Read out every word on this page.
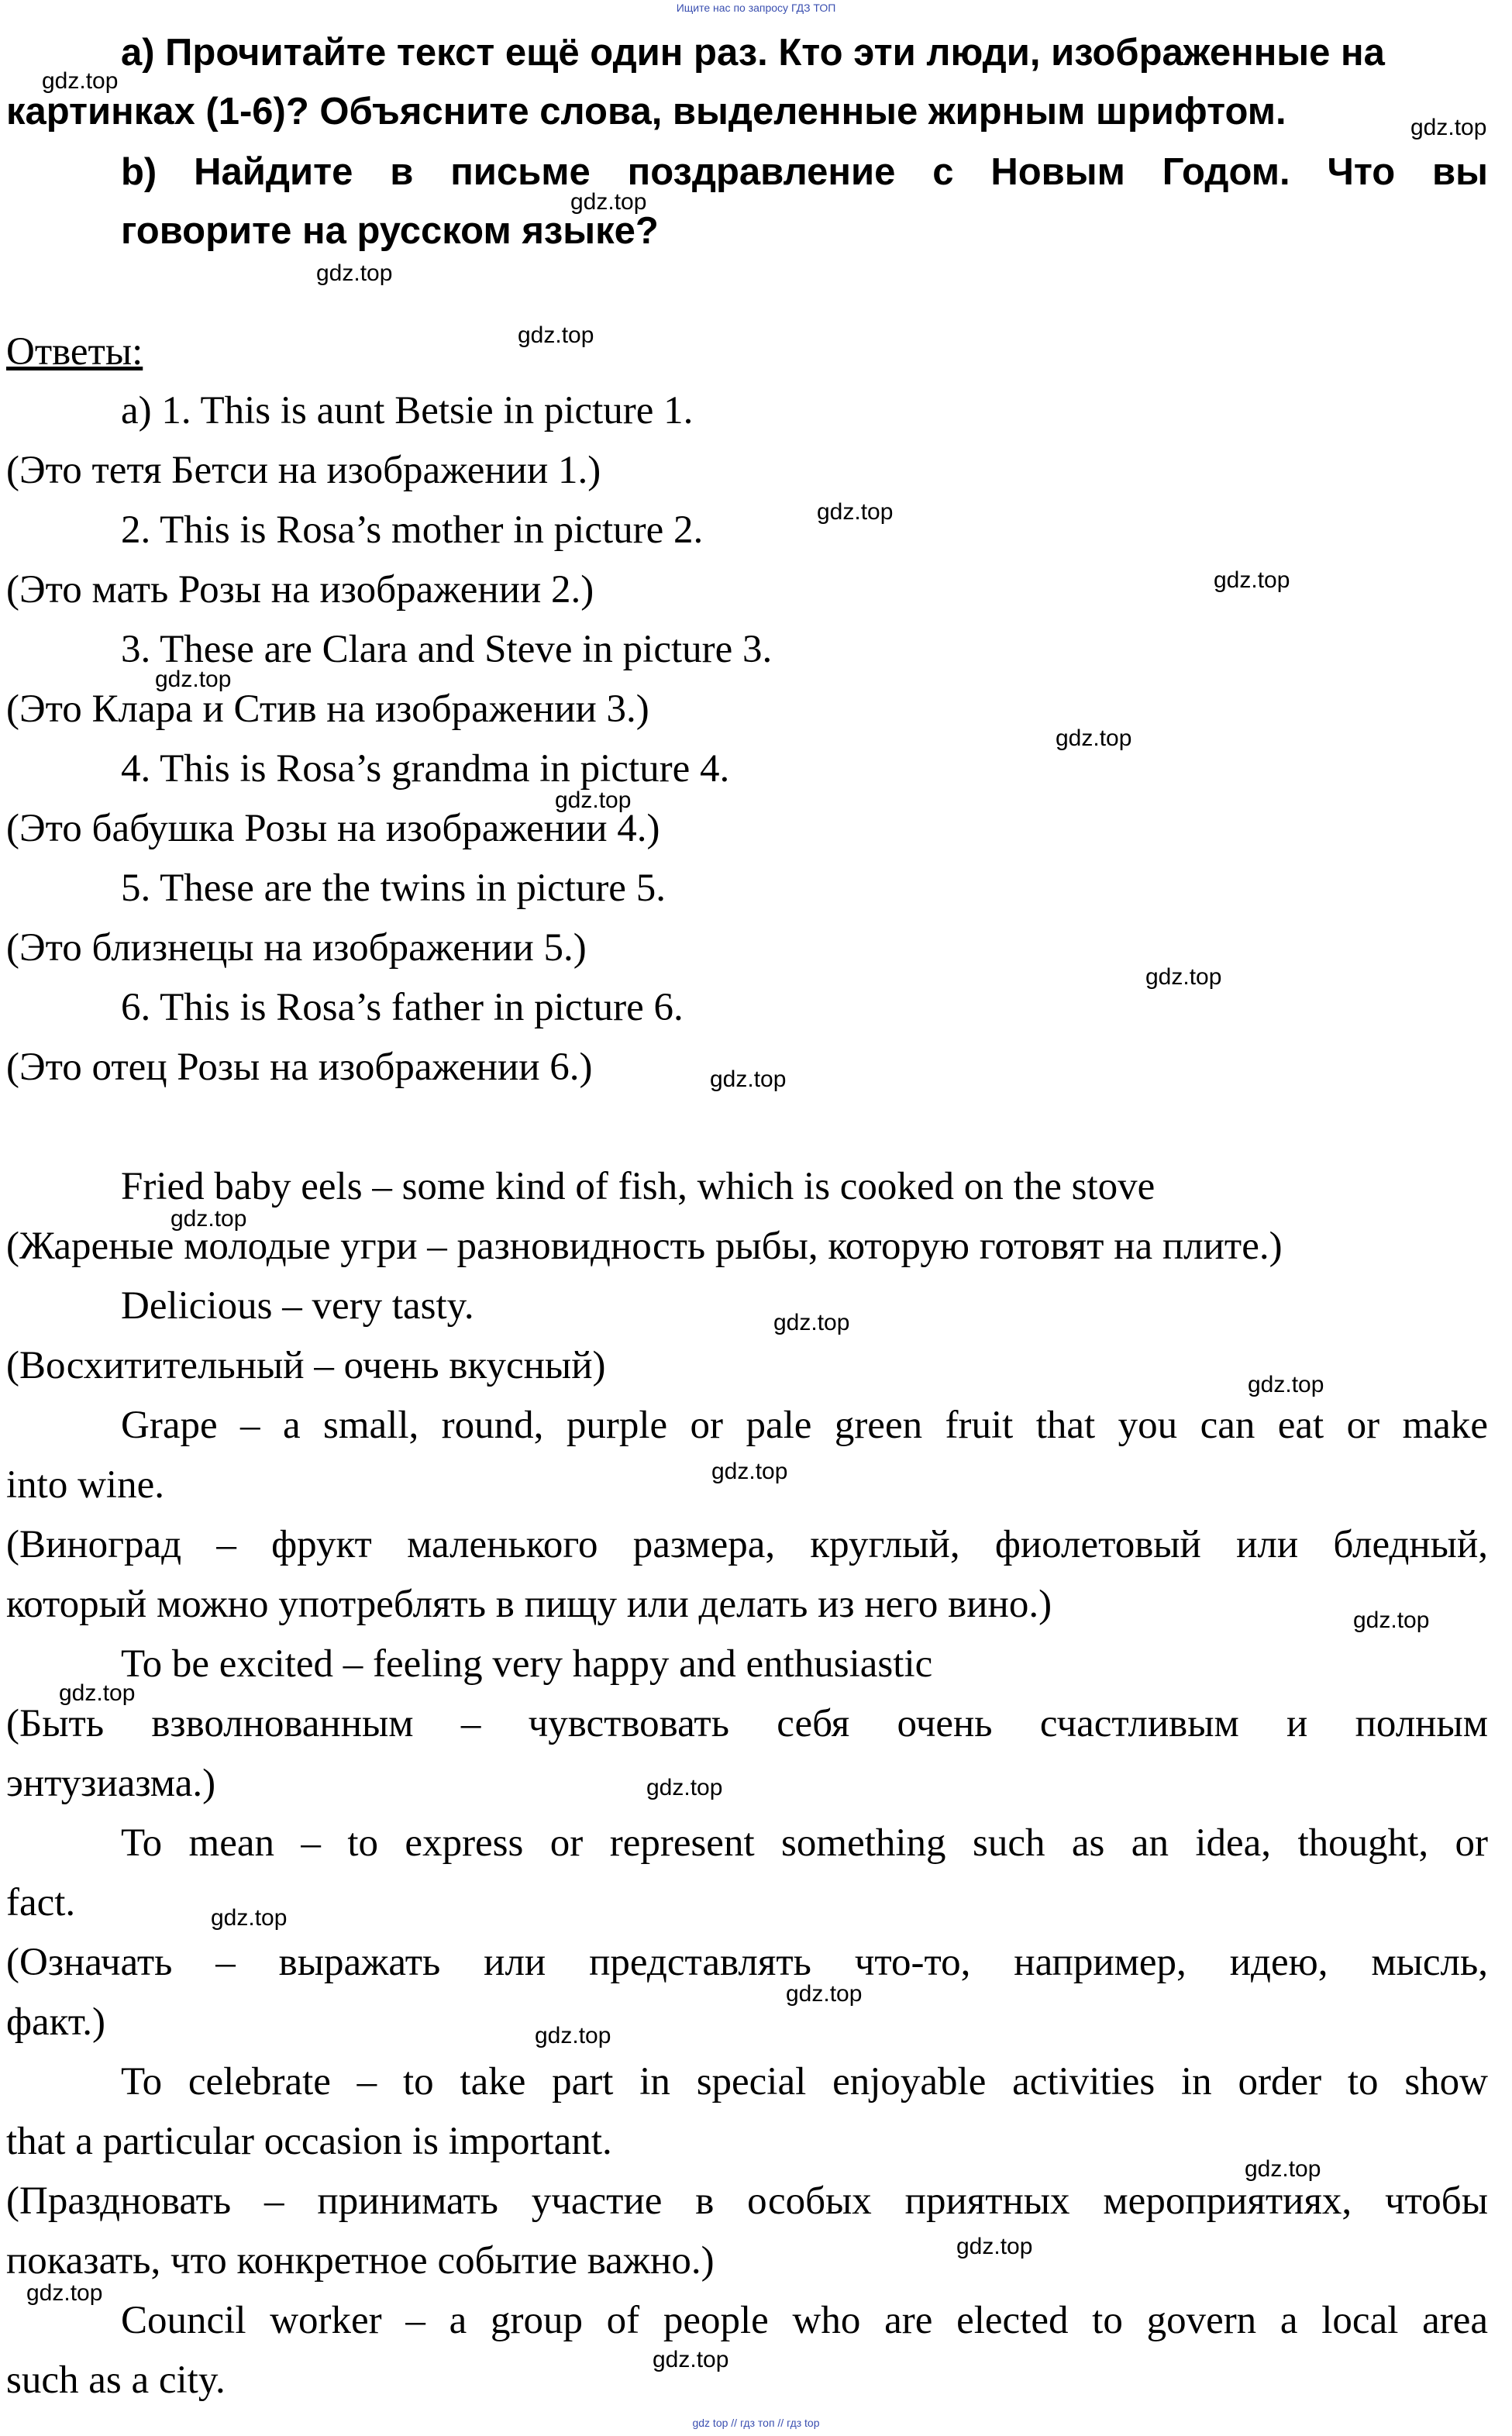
Ищите нас по запросу ГДЗ ТОП
a) Прочитайте текст ещё один раз. Кто эти люди, изображенные на
картинках (1-6)? Объясните слова, выделенные жирным шрифтом.
b) Найдите в письме поздравление с Новым Годом. Что вы
говорите на русском языке?
Ответы:
a) 1. This is aunt Betsie in picture 1.
(Это тетя Бетси на изображении 1.)
2. This is Rosa’s mother in picture 2.
(Это мать Розы на изображении 2.)
3. These are Clara and Steve in picture 3.
(Это Клара и Стив на изображении 3.)
4. This is Rosa’s grandma in picture 4.
(Это бабушка Розы на изображении 4.)
5. These are the twins in picture 5.
(Это близнецы на изображении 5.)
6. This is Rosa’s father in picture 6.
(Это отец Розы на изображении 6.)
Fried baby eels – some kind of fish, which is cooked on the stove
(Жареные молодые угри – разновидность рыбы, которую готовят на плите.)
Delicious – very tasty.
(Восхитительный – очень вкусный)
Grape – a small, round, purple or pale green fruit that you can eat or make
into wine.
(Виноград – фрукт маленького размера, круглый, фиолетовый или бледный,
который можно употреблять в пищу или делать из него вино.)
To be excited – feeling very happy and enthusiastic
(Быть взволнованным – чувствовать себя очень счастливым и полным
энтузиазма.)
To mean – to express or represent something such as an idea, thought, or
fact.
(Означать – выражать или представлять что-то, например, идею, мысль,
факт.)
To celebrate – to take part in special enjoyable activities in order to show
that a particular occasion is important.
(Праздновать – принимать участие в особых приятных мероприятиях, чтобы
показать, что конкретное событие важно.)
Council worker – a group of people who are elected to govern a local area
such as a city.
gdz.top
gdz.top
gdz.top
gdz.top
gdz.top
gdz.top
gdz.top
gdz.top
gdz.top
gdz.top
gdz.top
gdz.top
gdz.top
gdz.top
gdz.top
gdz.top
gdz.top
gdz.top
gdz.top
gdz.top
gdz.top
gdz.top
gdz.top
gdz.top
gdz.top
gdz.top
gdz top // гдз топ // гдз top
